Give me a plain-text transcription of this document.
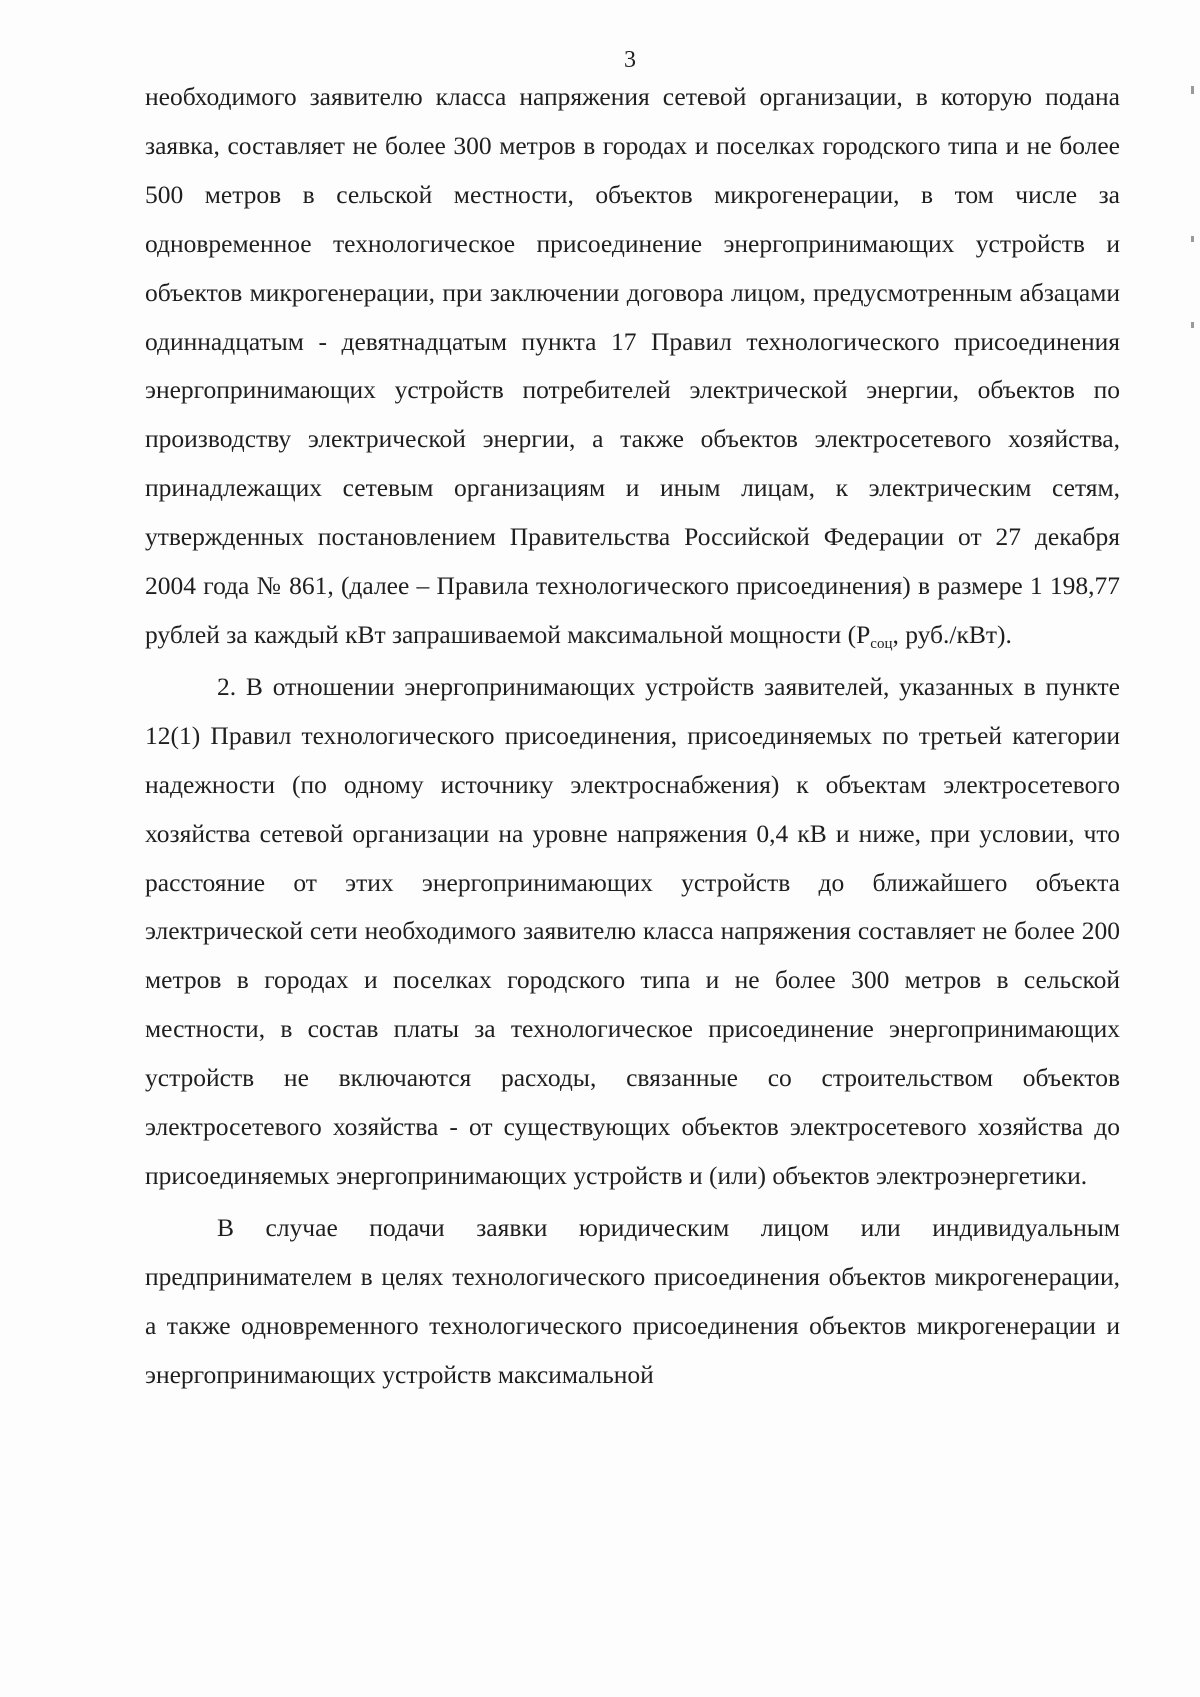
3

необходимого заявителю класса напряжения сетевой организации, в которую подана заявка, составляет не более 300 метров в городах и поселках городского типа и не более 500 метров в сельской местности, объектов микрогенерации, в том числе за одновременное технологическое присоединение энергопринимающих устройств и объектов микрогенерации, при заключении договора лицом, предусмотренным абзацами одиннадцатым - девятнадцатым пункта 17 Правил технологического присоединения энергопринимающих устройств потребителей электрической энергии, объектов по производству электрической энергии, а также объектов электросетевого хозяйства, принадлежащих сетевым организациям и иным лицам, к электрическим сетям, утвержденных постановлением Правительства Российской Федерации от 27 декабря 2004 года № 861, (далее – Правила технологического присоединения) в размере 1 198,77 рублей за каждый кВт запрашиваемой максимальной мощности ($P_{соц}$, руб./кВт).

2. В отношении энергопринимающих устройств заявителей, указанных в пункте 12(1) Правил технологического присоединения, присоединяемых по третьей категории надежности (по одному источнику электроснабжения) к объектам электросетевого хозяйства сетевой организации на уровне напряжения 0,4 кВ и ниже, при условии, что расстояние от этих энергопринимающих устройств до ближайшего объекта электрической сети необходимого заявителю класса напряжения составляет не более 200 метров в городах и поселках городского типа и не более 300 метров в сельской местности, в состав платы за технологическое присоединение энергопринимающих устройств не включаются расходы, связанные со строительством объектов электросетевого хозяйства - от существующих объектов электросетевого хозяйства до присоединяемых энергопринимающих устройств и (или) объектов электроэнергетики.

В случае подачи заявки юридическим лицом или индивидуальным предпринимателем в целях технологического присоединения объектов микрогенерации, а также одновременного технологического присоединения объектов микрогенерации и энергопринимающих устройств максимальной
